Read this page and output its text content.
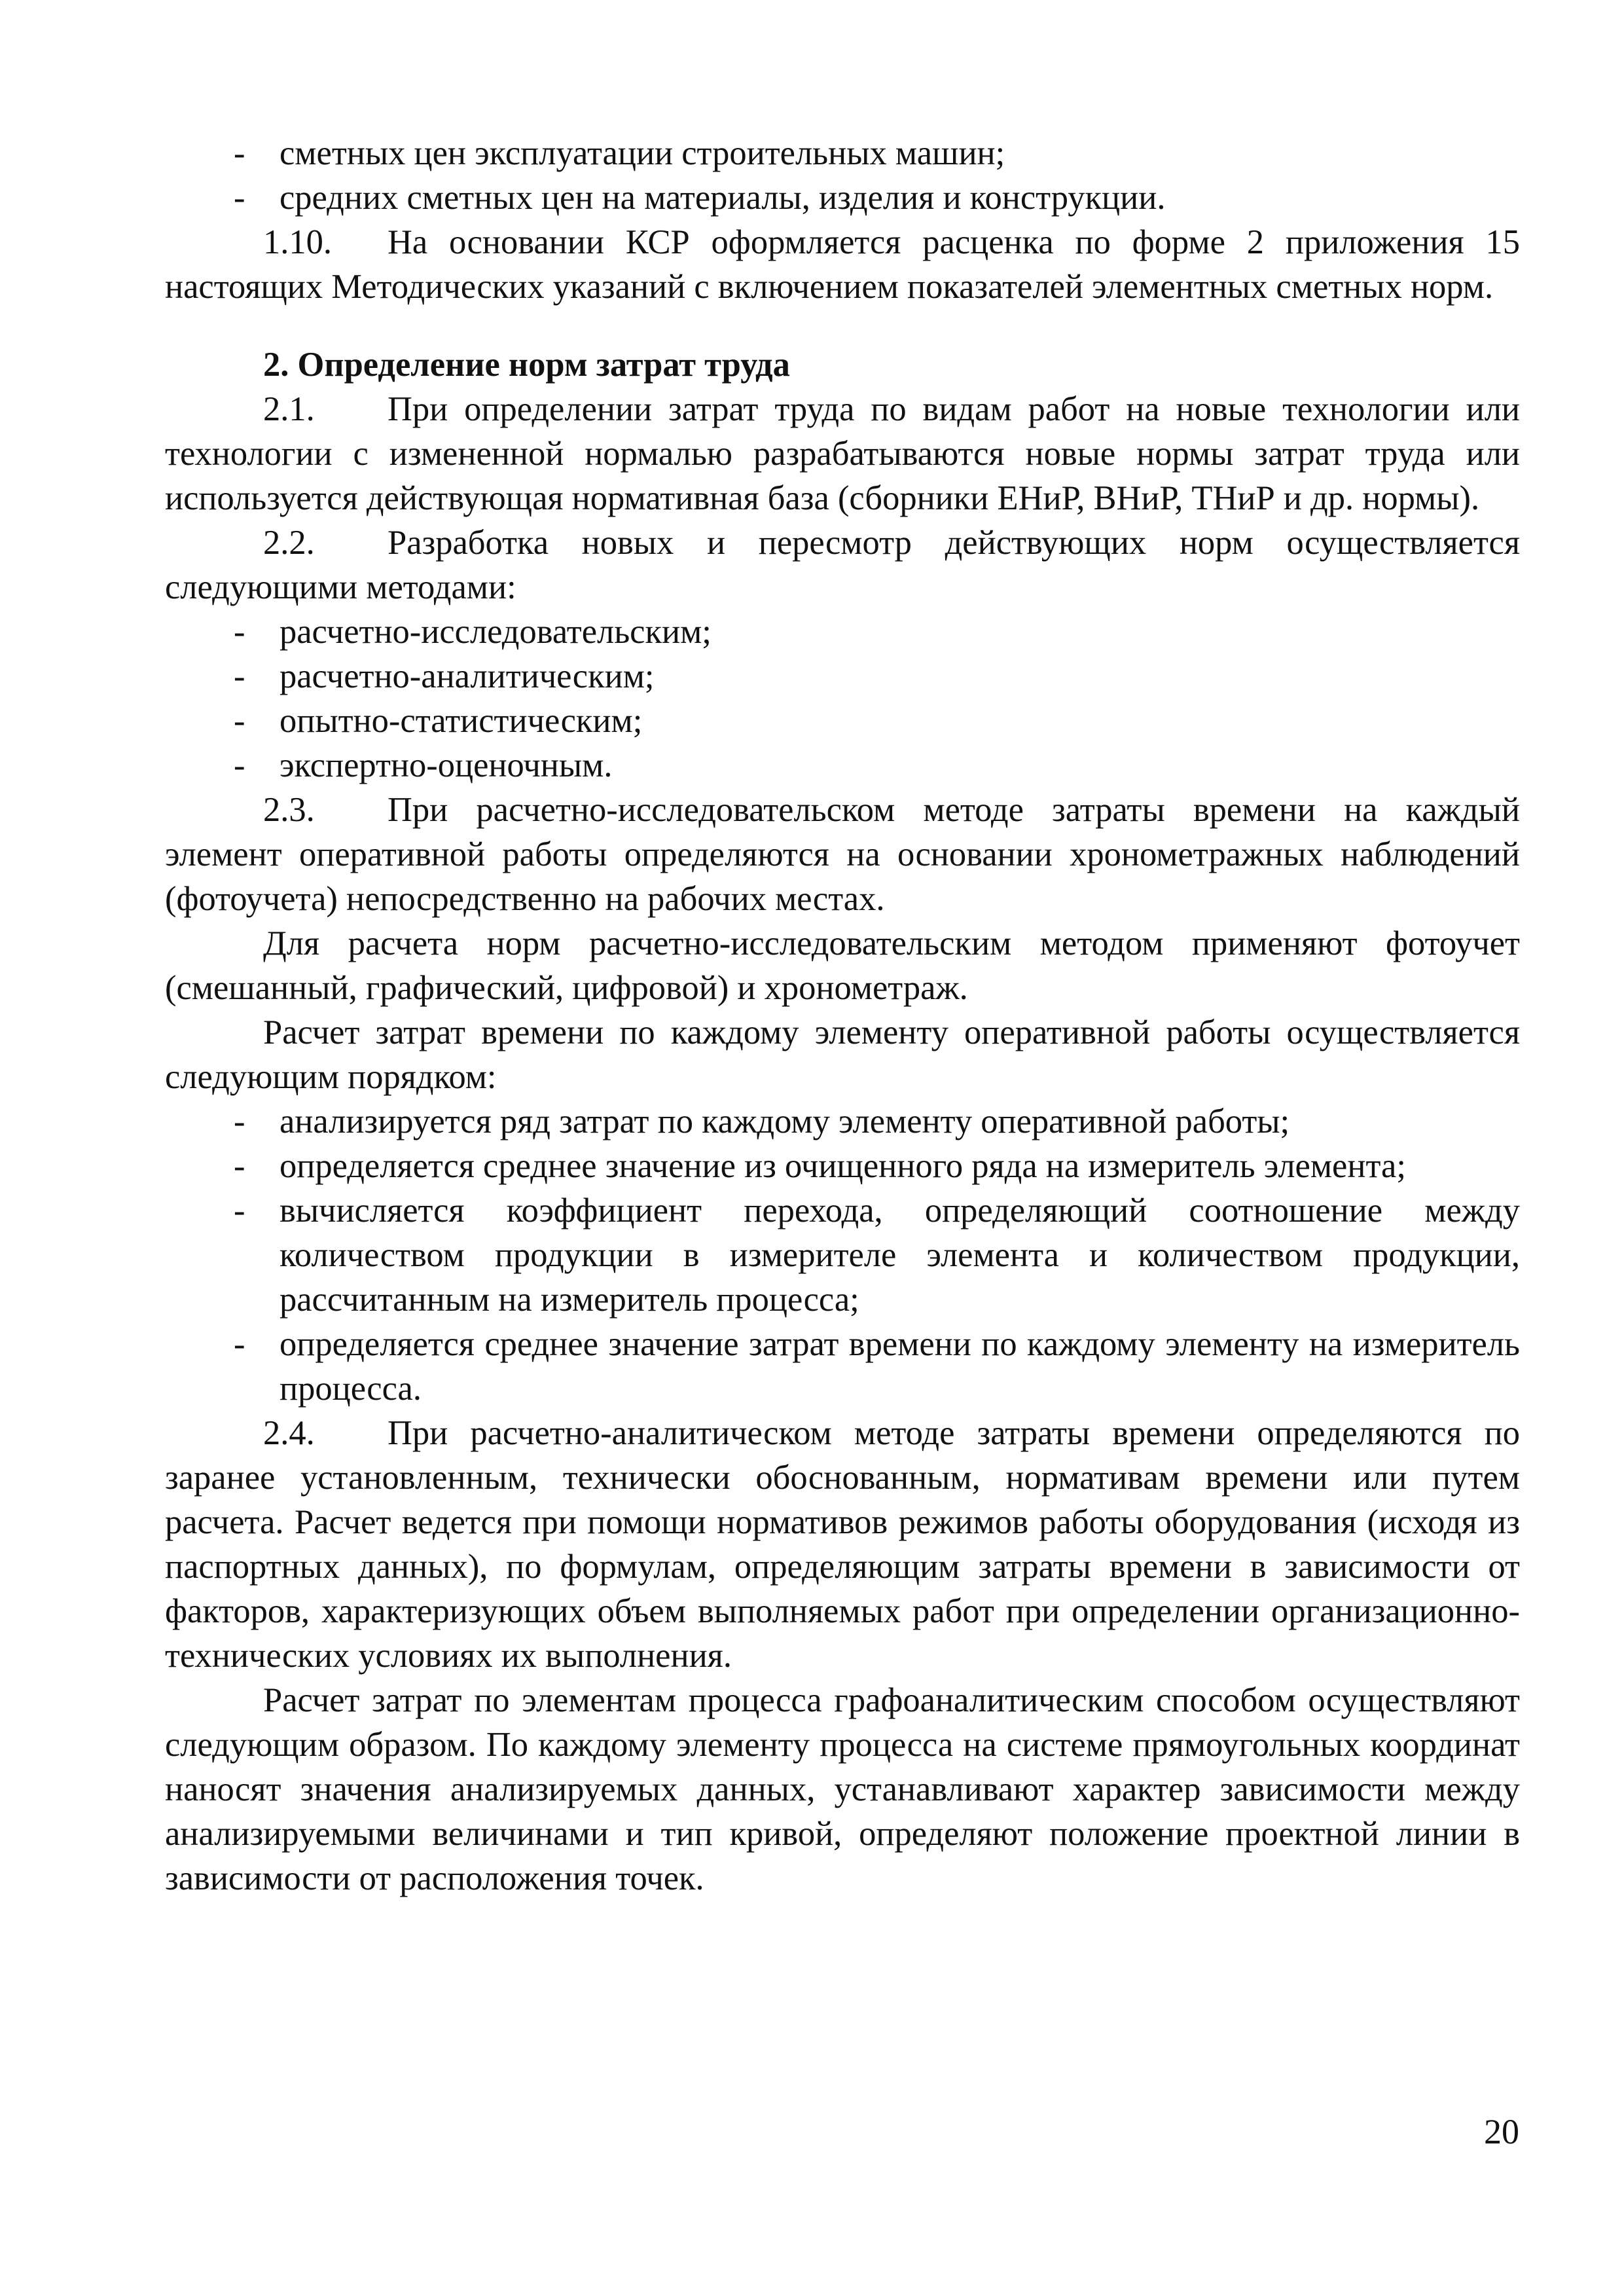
- сметных цен эксплуатации строительных машин;

- средних сметных цен на материалы, изделия и конструкции.

1.10. На основании КСР оформляется расценка по форме 2 приложения 15 настоящих Методических указаний с включением показателей элементных сметных норм.

2. Определение норм затрат труда

2.1. При определении затрат труда по видам работ на новые технологии или технологии с измененной нормалью разрабатываются новые нормы затрат труда или используется действующая нормативная база (сборники ЕНиР, ВНиР, ТНиР и др. нормы).

2.2. Разработка новых и пересмотр действующих норм осуществляется следующими методами:

- расчетно-исследовательским;

- расчетно-аналитическим;

- опытно-статистическим;

- экспертно-оценочным.

2.3. При расчетно-исследовательском методе затраты времени на каждый элемент оперативной работы определяются на основании хронометражных наблюдений (фотоучета) непосредственно на рабочих местах.

Для расчета норм расчетно-исследовательским методом применяют фотоучет (смешанный, графический, цифровой) и хронометраж.

Расчет затрат времени по каждому элементу оперативной работы осуществляется следующим порядком:

- анализируется ряд затрат по каждому элементу оперативной работы;

- определяется среднее значение из очищенного ряда на измеритель элемента;

- вычисляется коэффициент перехода, определяющий соотношение между количеством продукции в измерителе элемента и количеством продукции, рассчитанным на измеритель процесса;

- определяется среднее значение затрат времени по каждому элементу на измеритель процесса.

2.4. При расчетно-аналитическом методе затраты времени определяются по заранее установленным, технически обоснованным, нормативам времени или путем расчета. Расчет ведется при помощи нормативов режимов работы оборудования (исходя из паспортных данных), по формулам, определяющим затраты времени в зависимости от факторов, характеризующих объем выполняемых работ при определении организационно-технических условиях их выполнения.

Расчет затрат по элементам процесса графоаналитическим способом осуществляют следующим образом. По каждому элементу процесса на системе прямоугольных координат наносят значения анализируемых данных, устанавливают характер зависимости между анализируемыми величинами и тип кривой, определяют положение проектной линии в зависимости от расположения точек.

20
